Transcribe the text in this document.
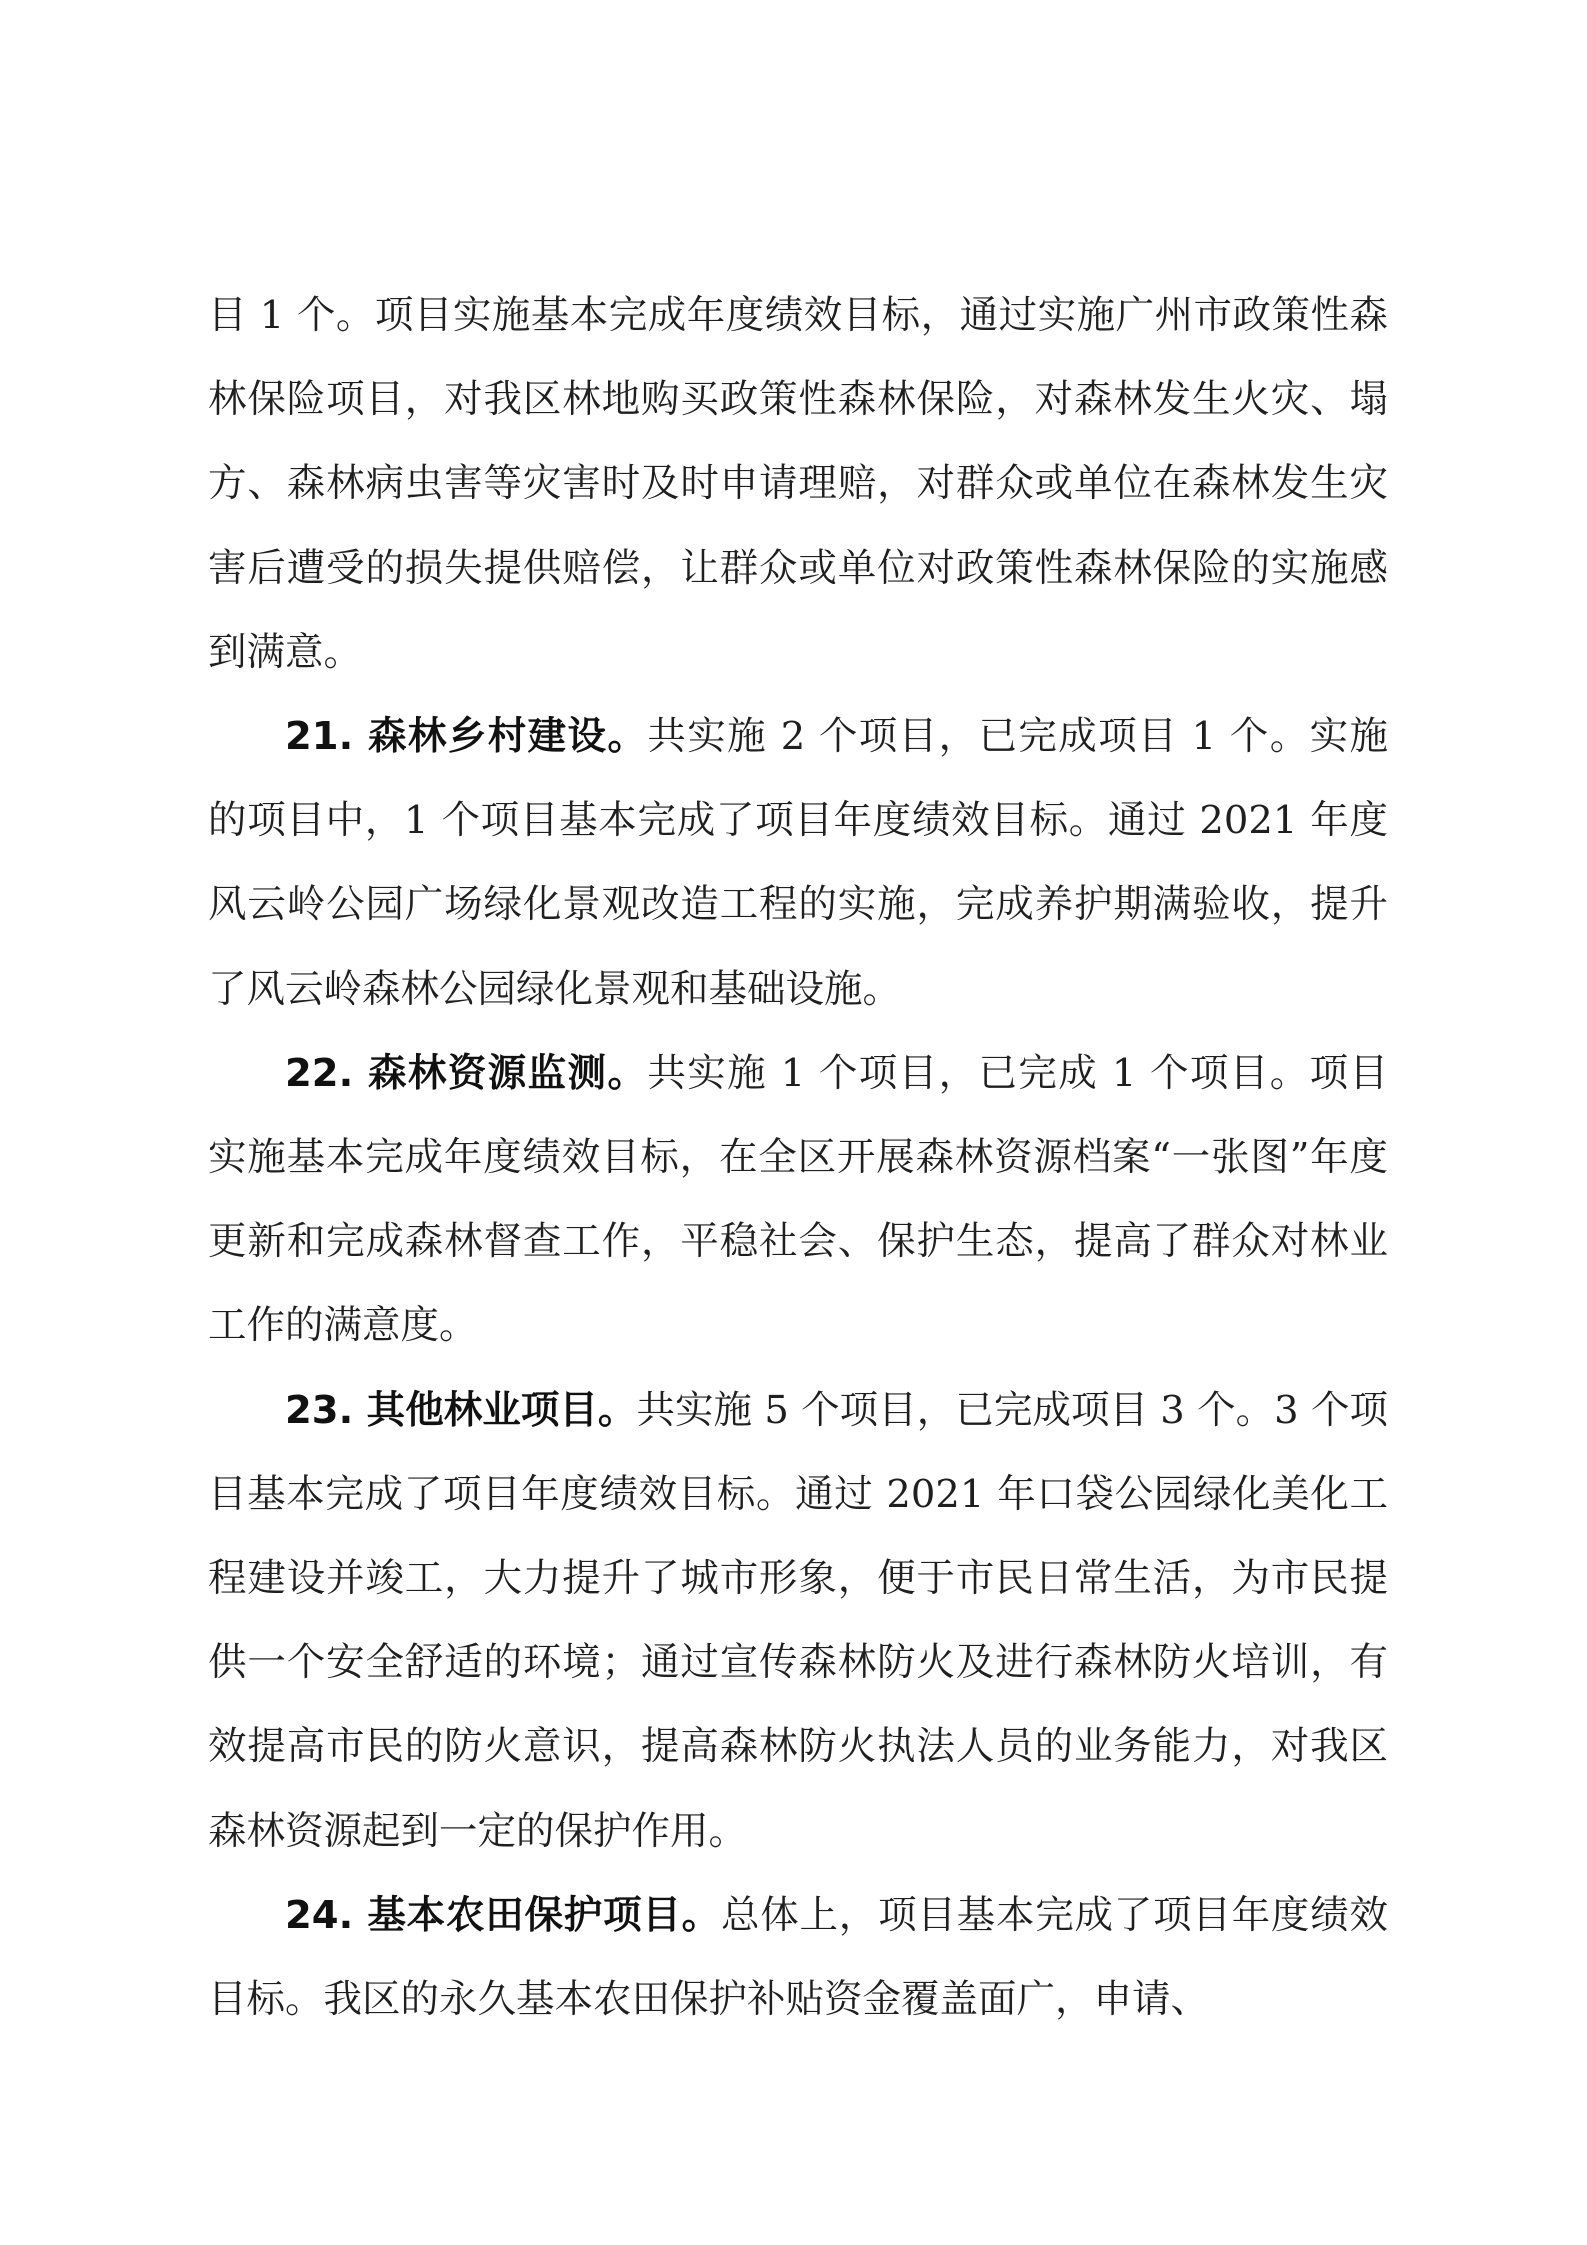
目 1 个。项目实施基本完成年度绩效目标，通过实施广州市政策性森林保险项目，对我区林地购买政策性森林保险，对森林发生火灾、塌方、森林病虫害等灾害时及时申请理赔，对群众或单位在森林发生灾害后遭受的损失提供赔偿，让群众或单位对政策性森林保险的实施感到满意。

21. 森林乡村建设。共实施 2 个项目，已完成项目 1 个。实施的项目中，1 个项目基本完成了项目年度绩效目标。通过 2021 年度风云岭公园广场绿化景观改造工程的实施，完成养护期满验收，提升了风云岭森林公园绿化景观和基础设施。

22. 森林资源监测。共实施 1 个项目，已完成 1 个项目。项目实施基本完成年度绩效目标，在全区开展森林资源档案“一张图”年度更新和完成森林督查工作，平稳社会、保护生态，提高了群众对林业工作的满意度。

23. 其他林业项目。共实施 5 个项目，已完成项目 3 个。3 个项目基本完成了项目年度绩效目标。通过 2021 年口袋公园绿化美化工程建设并竣工，大力提升了城市形象，便于市民日常生活，为市民提供一个安全舒适的环境；通过宣传森林防火及进行森林防火培训，有效提高市民的防火意识，提高森林防火执法人员的业务能力，对我区森林资源起到一定的保护作用。

24. 基本农田保护项目。总体上，项目基本完成了项目年度绩效目标。我区的永久基本农田保护补贴资金覆盖面广，申请、
